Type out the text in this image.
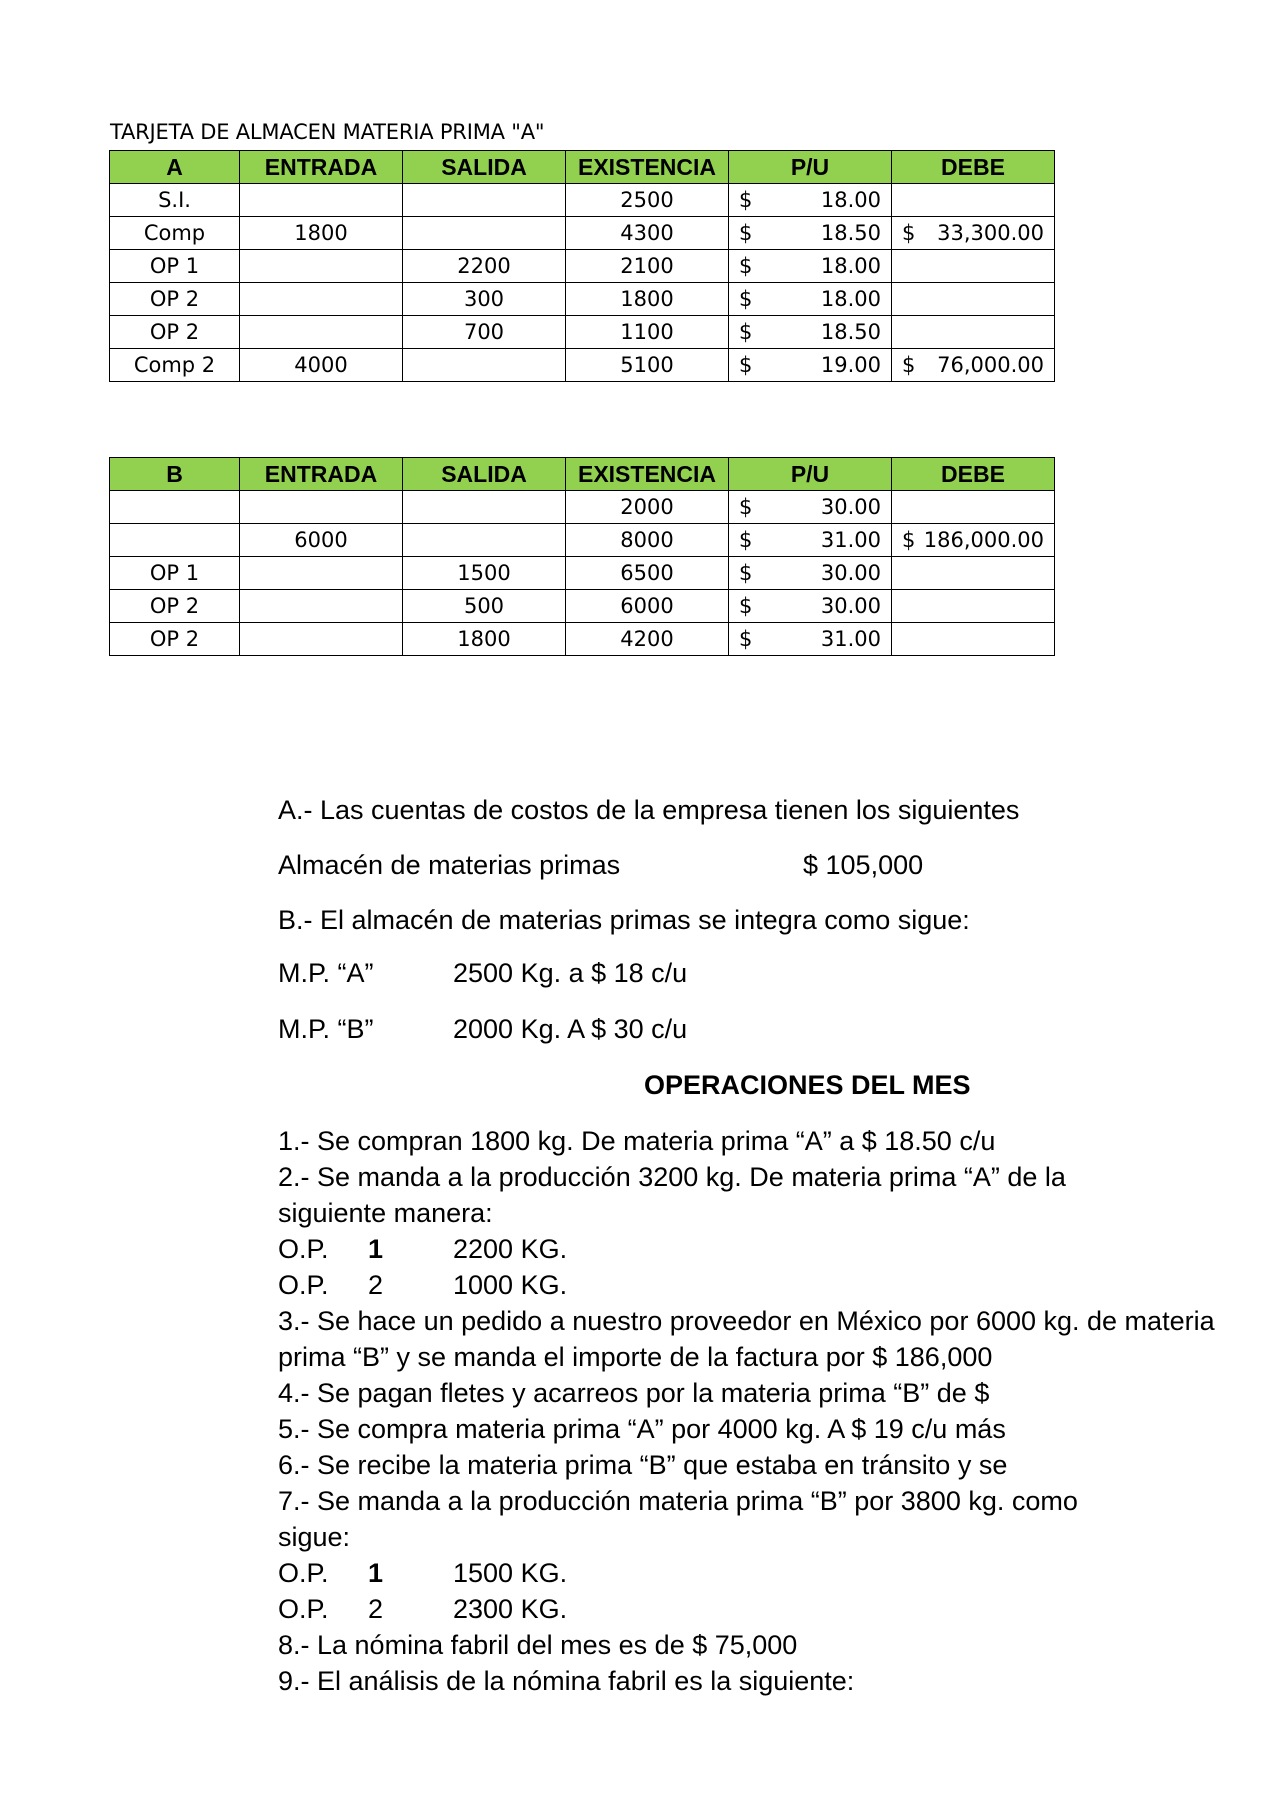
TARJETA DE ALMACEN MATERIA PRIMA "A"
A	ENTRADA	SALIDA	EXISTENCIA	P/U	DEBE
S.I.			2500	$ 18.00	

Comp	1800		4300	$ 18.50	$ 33,300.00

OP 1		2200	2100	$ 18.00	

OP 2		300	1800	$ 18.00	

OP 2		700	1100	$ 18.50	

Comp 2	4000		5100	$ 19.00	$ 76,000.00
B	ENTRADA	SALIDA	EXISTENCIA	P/U	DEBE
			2000	$ 30.00	

	6000		8000	$ 31.00	$ 186,000.00

OP 1		1500	6500	$ 30.00	

OP 2		500	6000	$ 30.00	

OP 2		1800	4200	$ 31.00	

A.- Las cuentas de costos de la empresa tienen los siguientes
Almacén de materias primas	$ 105,000
B.- El almacén de materias primas se integra como sigue:
M.P. “A”	2500 Kg. a $ 18 c/u
M.P. “B”	2000 Kg. A $ 30 c/u
OPERACIONES DEL MES
1.- Se compran 1800 kg. De materia prima “A” a $ 18.50 c/u
2.- Se manda a la producción 3200 kg. De materia prima “A” de la
siguiente manera:
O.P. 1	2200 KG.
O.P. 2	1000 KG.
3.- Se hace un pedido a nuestro proveedor en México por 6000 kg. de materia
prima “B” y se manda el importe de la factura por $ 186,000
4.- Se pagan fletes y acarreos por la materia prima “B” de $
5.- Se compra materia prima “A” por 4000 kg. A $ 19 c/u más
6.- Se recibe la materia prima “B” que estaba en tránsito y se
7.- Se manda a la producción materia prima “B” por 3800 kg. como
sigue:
O.P. 1	1500 KG.
O.P. 2	2300 KG.
8.- La nómina fabril del mes es de $ 75,000
9.- El análisis de la nómina fabril es la siguiente:
